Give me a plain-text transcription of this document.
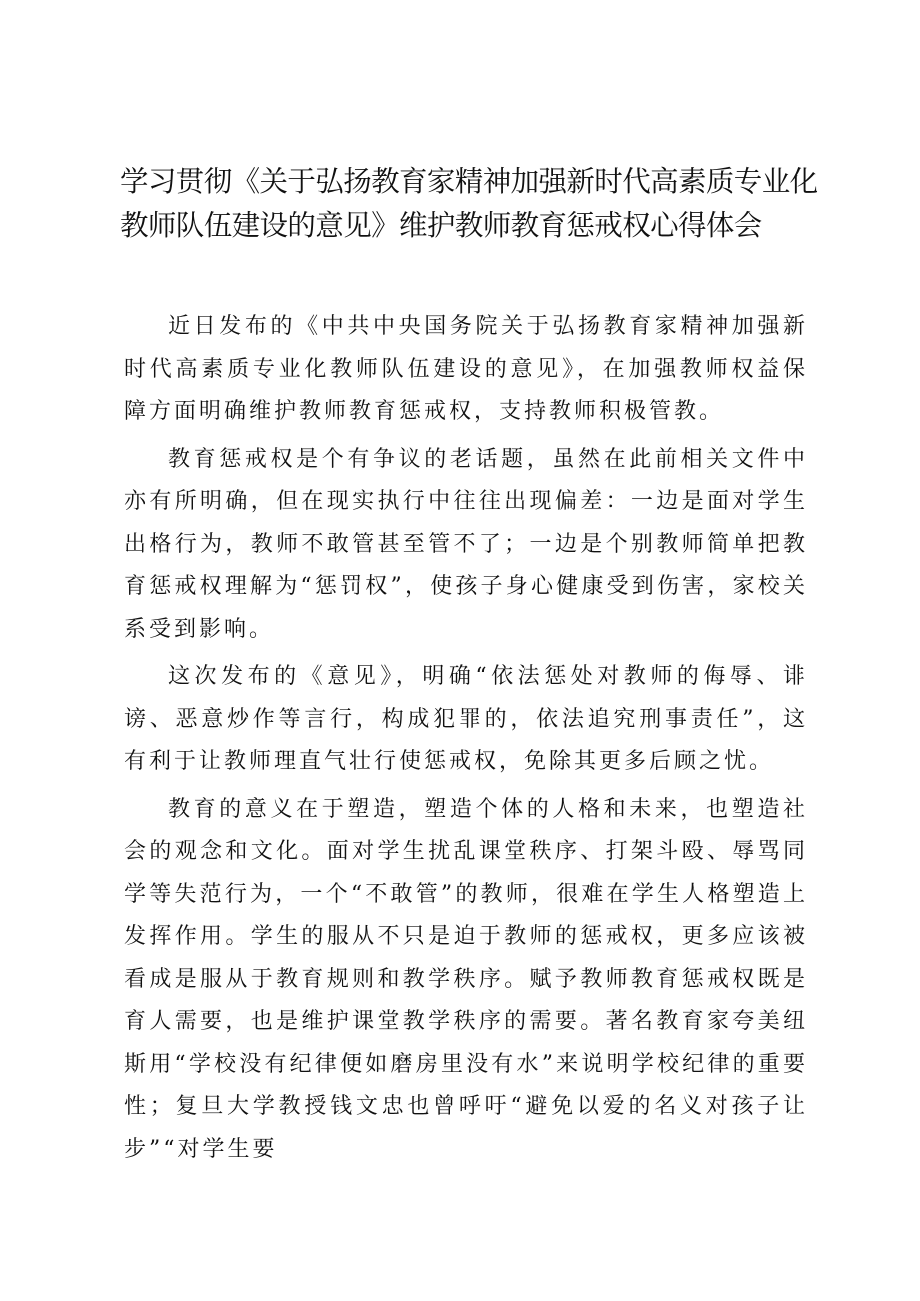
学习贯彻《关于弘扬教育家精神加强新时代高素质专业化教师队伍建设的意见》维护教师教育惩戒权心得体会

近日发布的《中共中央国务院关于弘扬教育家精神加强新时代高素质专业化教师队伍建设的意见》，在加强教师权益保障方面明确维护教师教育惩戒权，支持教师积极管教。

教育惩戒权是个有争议的老话题，虽然在此前相关文件中亦有所明确，但在现实执行中往往出现偏差：一边是面对学生出格行为，教师不敢管甚至管不了；一边是个别教师简单把教育惩戒权理解为“惩罚权”，使孩子身心健康受到伤害，家校关系受到影响。

这次发布的《意见》，明确“依法惩处对教师的侮辱、诽谤、恶意炒作等言行，构成犯罪的，依法追究刑事责任”，这有利于让教师理直气壮行使惩戒权，免除其更多后顾之忧。

教育的意义在于塑造，塑造个体的人格和未来，也塑造社会的观念和文化。面对学生扰乱课堂秩序、打架斗殴、辱骂同学等失范行为，一个“不敢管”的教师，很难在学生人格塑造上发挥作用。学生的服从不只是迫于教师的惩戒权，更多应该被看成是服从于教育规则和教学秩序。赋予教师教育惩戒权既是育人需要，也是维护课堂教学秩序的需要。著名教育家夸美纽斯用“学校没有纪律便如磨房里没有水”来说明学校纪律的重要性；复旦大学教授钱文忠也曾呼吁“避免以爱的名义对孩子让步”“对学生要
